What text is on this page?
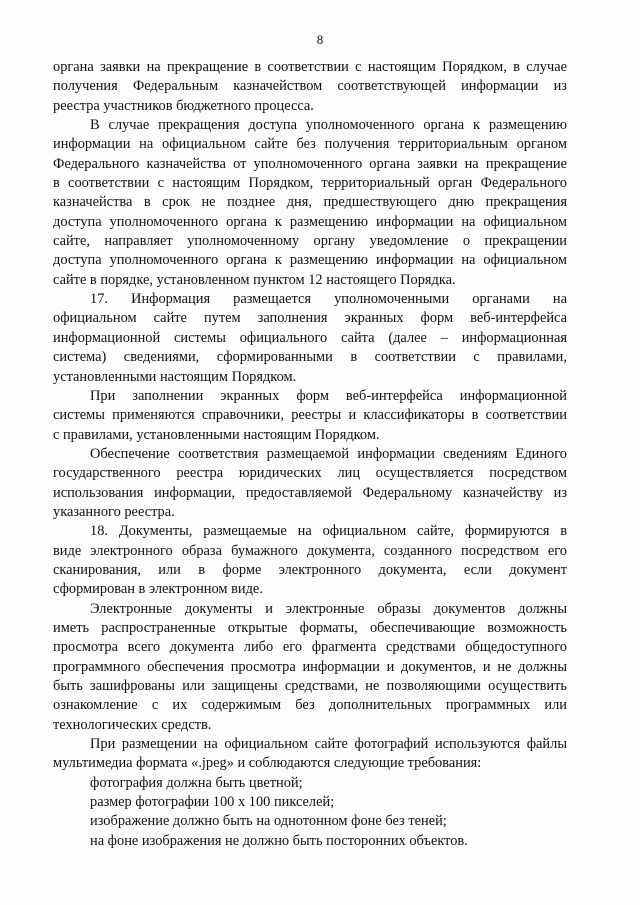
8
органа заявки на прекращение в соответствии с настоящим Порядком, в случае
получения Федеральным казначейством соответствующей информации из
реестра участников бюджетного процесса.
В случае прекращения доступа уполномоченного органа к размещению
информации на официальном сайте без получения территориальным органом
Федерального казначейства от уполномоченного органа заявки на прекращение
в соответствии с настоящим Порядком, территориальный орган Федерального
казначейства в срок не позднее дня, предшествующего дню прекращения
доступа уполномоченного органа к размещению информации на официальном
сайте, направляет уполномоченному органу уведомление о прекращении
доступа уполномоченного органа к размещению информации на официальном
сайте в порядке, установленном пунктом 12 настоящего Порядка.
17. Информация размещается уполномоченными органами на
официальном сайте путем заполнения экранных форм веб-интерфейса
информационной системы официального сайта (далее – информационная
система) сведениями, сформированными в соответствии с правилами,
установленными настоящим Порядком.
При заполнении экранных форм веб-интерфейса информационной
системы применяются справочники, реестры и классификаторы в соответствии
с правилами, установленными настоящим Порядком.
Обеспечение соответствия размещаемой информации сведениям Единого
государственного реестра юридических лиц осуществляется посредством
использования информации, предоставляемой Федеральному казначейству из
указанного реестра.
18. Документы, размещаемые на официальном сайте, формируются в
виде электронного образа бумажного документа, созданного посредством его
сканирования, или в форме электронного документа, если документ
сформирован в электронном виде.
Электронные документы и электронные образы документов должны
иметь распространенные открытые форматы, обеспечивающие возможность
просмотра всего документа либо его фрагмента средствами общедоступного
программного обеспечения просмотра информации и документов, и не должны
быть зашифрованы или защищены средствами, не позволяющими осуществить
ознакомление с их содержимым без дополнительных программных или
технологических средств.
При размещении на официальном сайте фотографий используются файлы
мультимедиа формата «.jpeg» и соблюдаются следующие требования:
фотография должна быть цветной;
размер фотографии 100 х 100 пикселей;
изображение должно быть на однотонном фоне без теней;
на фоне изображения не должно быть посторонних объектов.
